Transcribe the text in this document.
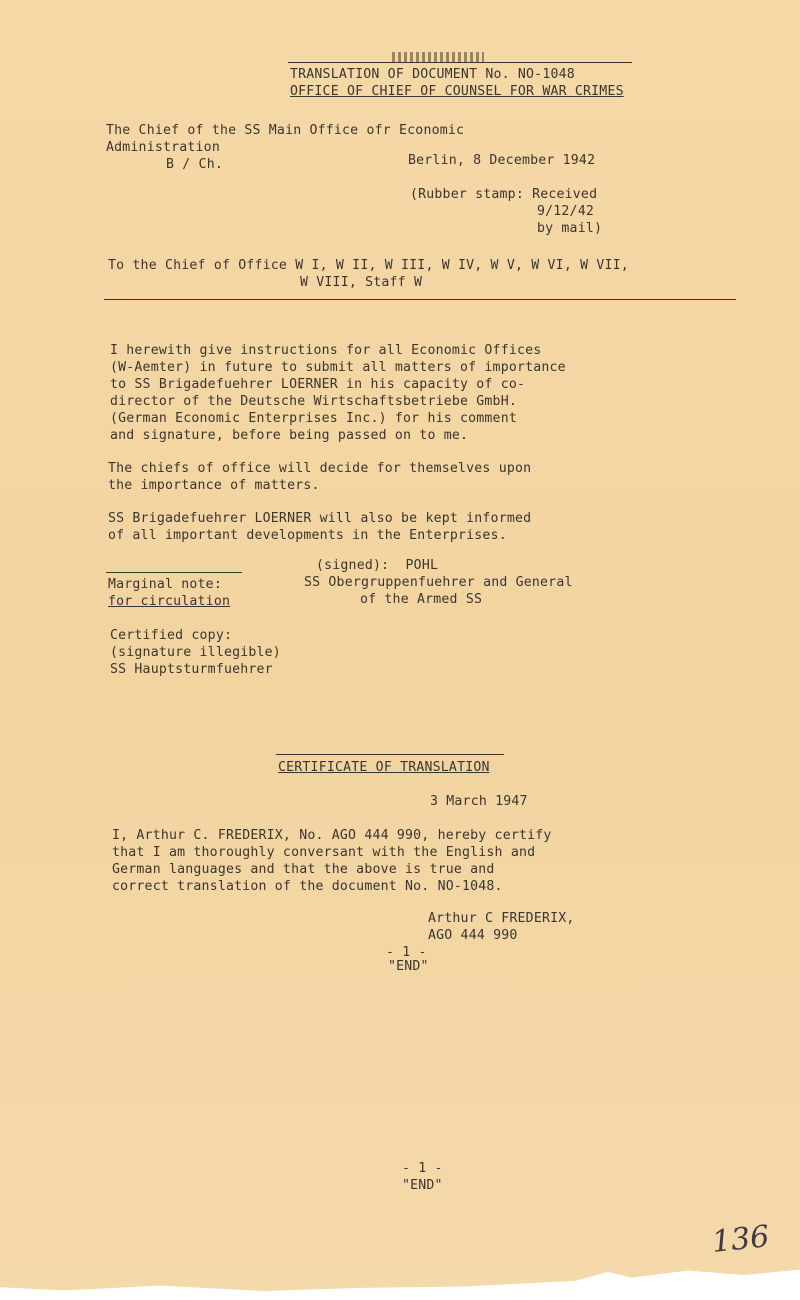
TRANSLATION OF DOCUMENT No. NO-1048
OFFICE OF CHIEF OF COUNSEL FOR WAR CRIMES
The Chief of the SS Main Office ofr Economic
Administration
B / Ch.	Berlin, 8 December 1942
(Rubber stamp: Received
9/12/42
by mail)
To the Chief of Office W I, W II, W III, W IV, W V, W VI, W VII,
W VIII, Staff W
I herewith give instructions for all Economic Offices
(W-Aemter) in future to submit all matters of importance
to SS Brigadefuehrer LOERNER in his capacity of co-
director of the Deutsche Wirtschaftsbetriebe GmbH.
(German Economic Enterprises Inc.) for his comment
and signature, before being passed on to me.
The chiefs of office will decide for themselves upon
the importance of matters.
SS Brigadefuehrer LOERNER will also be kept informed
of all important developments in the Enterprises.
(signed):  POHL
Marginal note:	SS Obergruppenfuehrer and General
for circulation	of the Armed SS
Certified copy:
(signature illegible)
SS Hauptsturmfuehrer
CERTIFICATE OF TRANSLATION
3 March 1947
I, Arthur C. FREDERIX, No. AGO 444 990, hereby certify
that I am thoroughly conversant with the English and
German languages and that the above is true and
correct translation of the document No. NO-1048.
Arthur C FREDERIX,
AGO 444 990
- 1 -
"END"
- 1 -
"END"
136
